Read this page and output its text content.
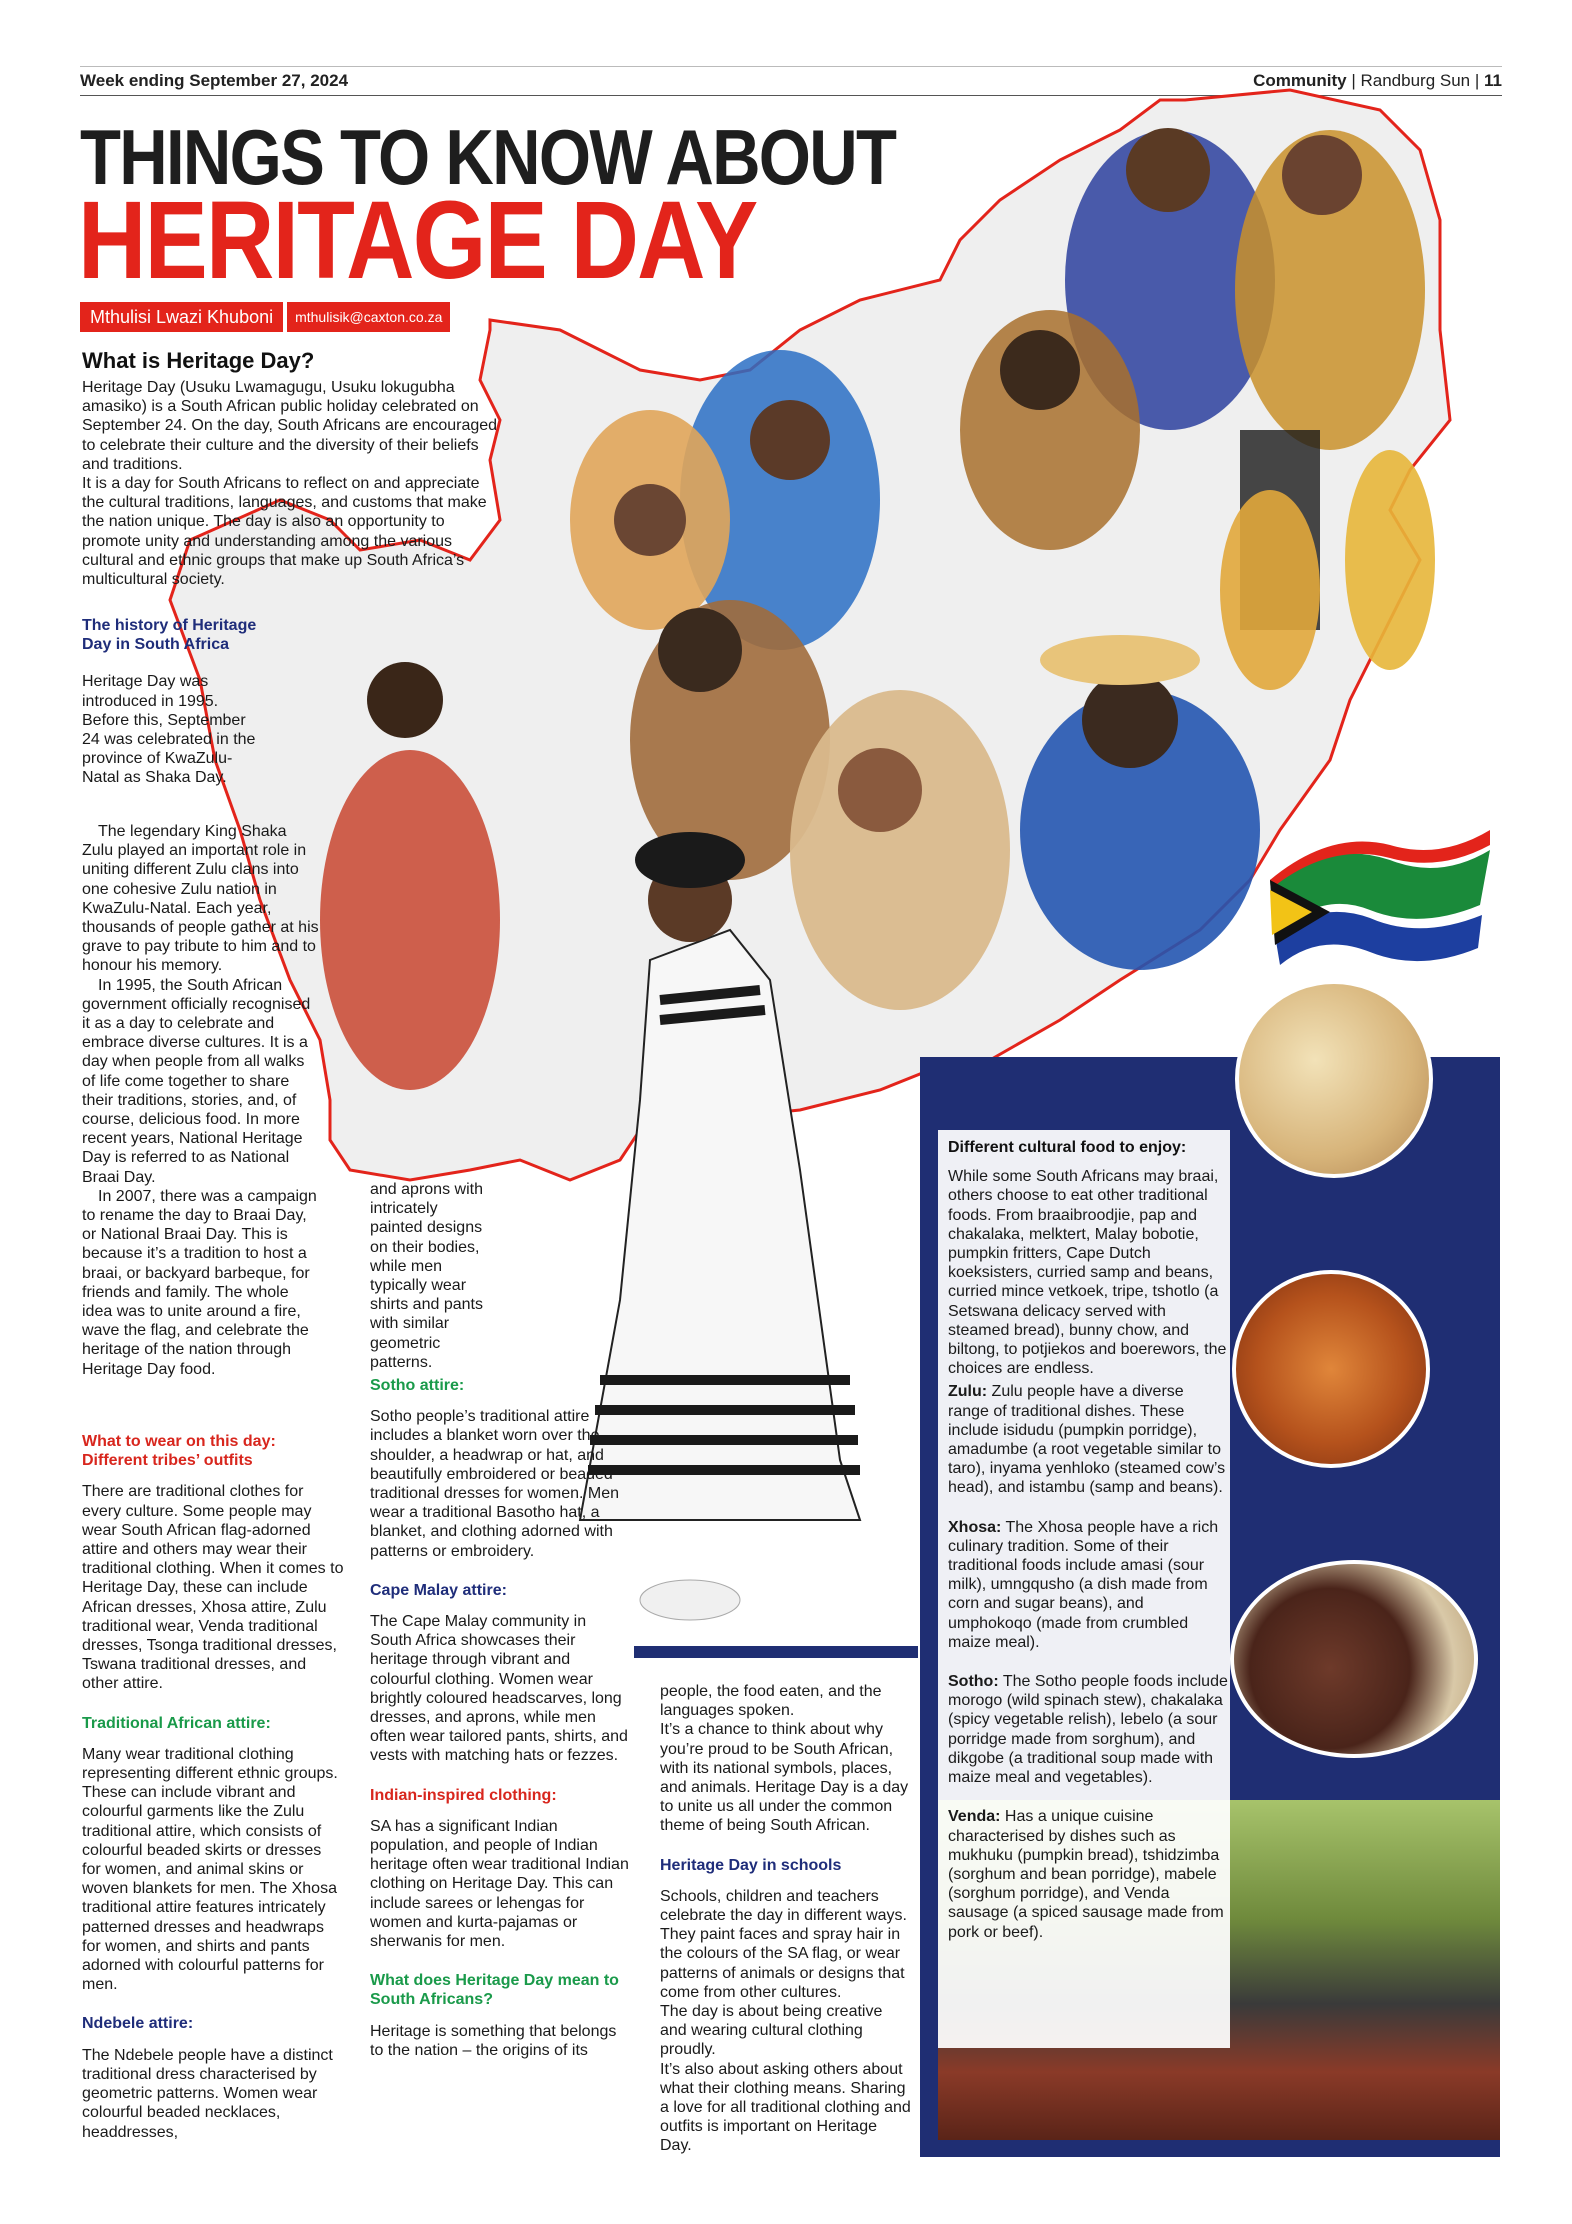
Week ending September 27, 2024	Community | Randburg Sun | 11
THINGS TO KNOW ABOUT
HERITAGE DAY
Mthulisi Lwazi Khuboni	mthulisik@caxton.co.za
What is Heritage Day?

Heritage Day (Usuku Lwamagugu, Usuku lokugubha amasiko) is a South African public holiday celebrated on September 24. On the day, South Africans are encouraged to celebrate their culture and the diversity of their beliefs and traditions.

It is a day for South Africans to reflect on and appreciate the cultural traditions, languages, and customs that make the nation unique. The day is also an opportunity to promote unity and understanding among the various cultural and ethnic groups that make up South Africa’s multicultural society.

The history of Heritage Day in South Africa

Heritage Day was introduced in 1995. Before this, September 24 was celebrated in the province of KwaZulu-Natal as Shaka Day.

The legendary King Shaka Zulu played an important role in uniting different Zulu clans into one cohesive Zulu nation in KwaZulu-Natal. Each year, thousands of people gather at his grave to pay tribute to him and to honour his memory.

In 1995, the South African government officially recognised it as a day to celebrate and embrace diverse cultures. It is a day when people from all walks of life come together to share their traditions, stories, and, of course, delicious food. In more recent years, National Heritage Day is referred to as National Braai Day.

In 2007, there was a campaign to rename the day to Braai Day, or National Braai Day. This is because it’s a tradition to host a braai, or backyard barbeque, for friends and family. The whole idea was to unite around a fire, wave the flag, and celebrate the heritage of the nation through Heritage Day food.

What to wear on this day: Different tribes’ outfits

There are traditional clothes for every culture. Some people may wear South African flag-adorned attire and others may wear their traditional clothing. When it comes to Heritage Day, these can include African dresses, Xhosa attire, Zulu traditional wear, Venda traditional dresses, Tsonga traditional dresses, Tswana traditional dresses, and other attire.

Traditional African attire:

Many wear traditional clothing representing different ethnic groups. These can include vibrant and colourful garments like the Zulu traditional attire, which consists of colourful beaded skirts or dresses for women, and animal skins or woven blankets for men. The Xhosa traditional attire features intricately patterned dresses and headwraps for women, and shirts and pants adorned with colourful patterns for men.

Ndebele attire:

The Ndebele people have a distinct traditional dress characterised by geometric patterns. Women wear colourful beaded necklaces, headdresses,

and aprons with intricately painted designs on their bodies, while men typically wear shirts and pants with similar geometric patterns.

Sotho attire:

Sotho people’s traditional attire includes a blanket worn over the shoulder, a headwrap or hat, and beautifully embroidered or beaded traditional dresses for women. Men wear a traditional Basotho hat, a blanket, and clothing adorned with patterns or embroidery.

Cape Malay attire:

The Cape Malay community in South Africa showcases their heritage through vibrant and colourful clothing. Women wear brightly coloured headscarves, long dresses, and aprons, while men often wear tailored pants, shirts, and vests with matching hats or fezzes.

Indian-inspired clothing:

SA has a significant Indian population, and people of Indian heritage often wear traditional Indian clothing on Heritage Day. This can include sarees or lehengas for women and kurta-pajamas or sherwanis for men.

What does Heritage Day mean to South Africans?

Heritage is something that belongs to the nation – the origins of its

people, the food eaten, and the languages spoken.

It’s a chance to think about why you’re proud to be South African, with its national symbols, places, and animals. Heritage Day is a day to unite us all under the common theme of being South African.

Heritage Day in schools

Schools, children and teachers celebrate the day in different ways. They paint faces and spray hair in the colours of the SA flag, or wear patterns of animals or designs that come from other cultures.

The day is about being creative and wearing cultural clothing proudly.

It’s also about asking others about what their clothing means. Sharing a love for all traditional clothing and outfits is important on Heritage Day.

Different cultural food to enjoy:

While some South Africans may braai, others choose to eat other traditional foods. From braaibroodjie, pap and chakalaka, melktert, Malay bobotie, pumpkin fritters, Cape Dutch koeksisters, curried samp and beans, curried mince vetkoek, tripe, tshotlo (a Setswana delicacy served with steamed bread), bunny chow, and biltong, to potjiekos and boerewors, the choices are endless.

Zulu: Zulu people have a diverse range of traditional dishes. These include isidudu (pumpkin porridge), amadumbe (a root vegetable similar to taro), inyama yenhloko (steamed cow’s head), and istambu (samp and beans).

Xhosa: The Xhosa people have a rich culinary tradition. Some of their traditional foods include amasi (sour milk), umngqusho (a dish made from corn and sugar beans), and umphokoqo (made from crumbled maize meal).

Sotho: The Sotho people foods include morogo (wild spinach stew), chakalaka (spicy vegetable relish), lebelo (a sour porridge made from sorghum), and dikgobe (a traditional soup made with maize meal and vegetables).

Venda: Has a unique cuisine characterised by dishes such as mukhuku (pumpkin bread), tshidzimba (sorghum and bean porridge), mabele (sorghum porridge), and Venda sausage (a spiced sausage made from pork or beef).
